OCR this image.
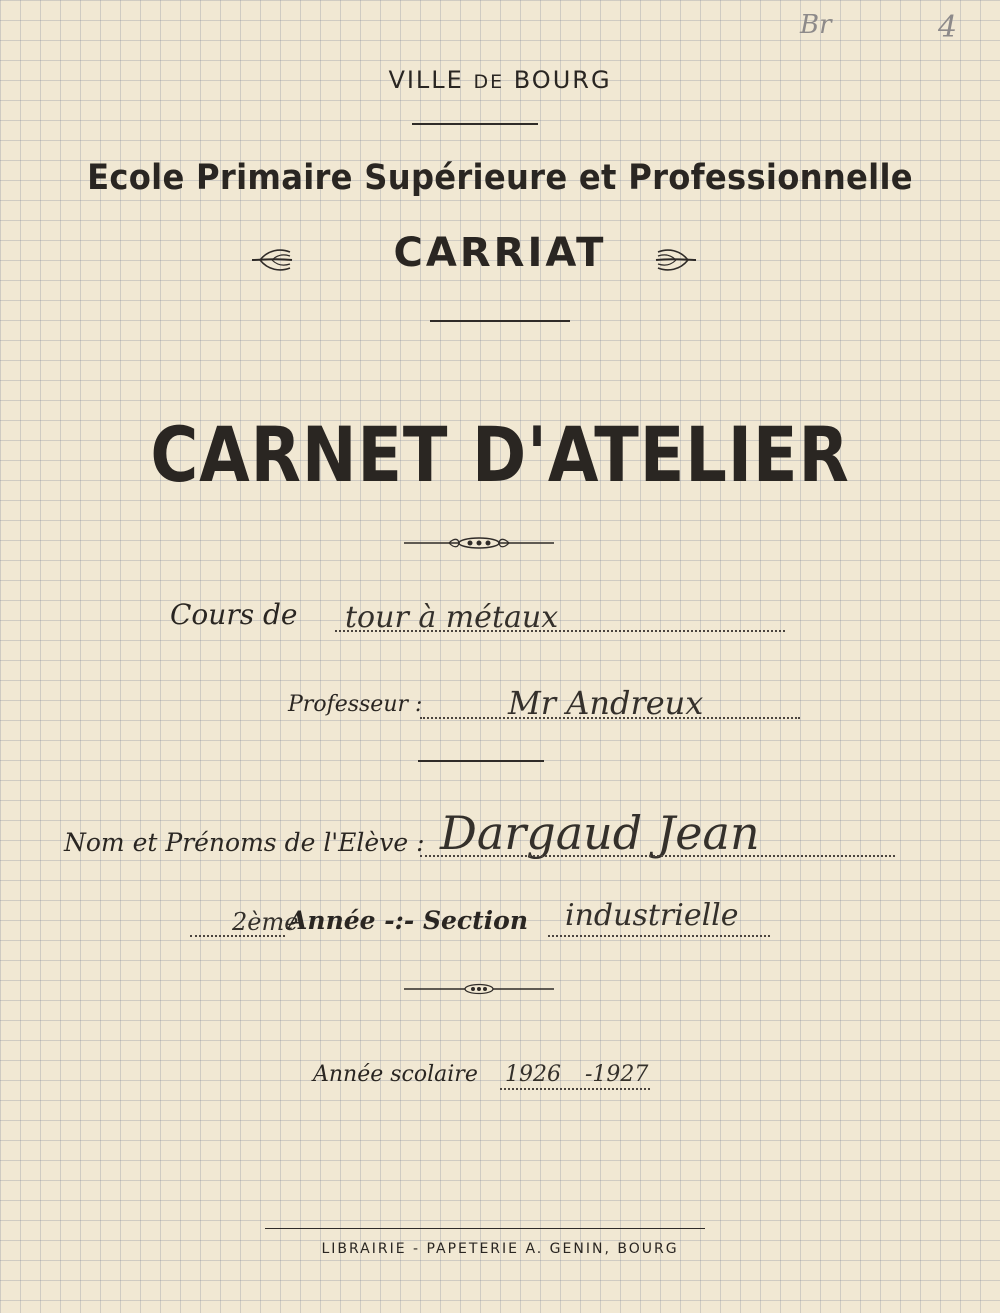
Br	4
VILLE DE BOURG
Ecole Primaire Supérieure et Professionnelle
CARRIAT
CARNET D'ATELIER
Cours de tour à métaux
Professeur :	Mr Andreux
Nom et Prénoms de l'Elève : Dargaud Jean
2ème
Année -:- Section industrielle
Année scolaire 1926 -1927
LIBRAIRIE - PAPETERIE A. GENIN, BOURG
